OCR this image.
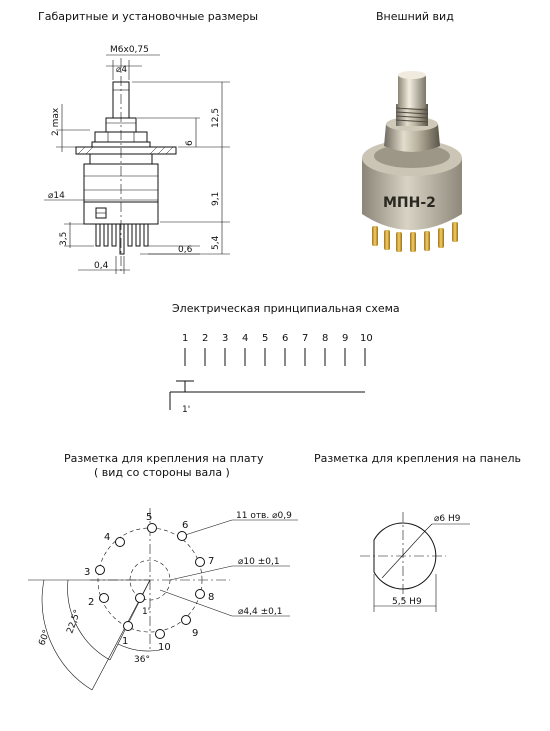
Габаритные и установочные размеры	Внешний вид
Электрическая принципиальная схема
Разметка для крепления на плату
( вид со стороны вала )
Разметка для крепления на панель
М6х0,75
⌀4
12,5
6
9,1
5,4
2 max
⌀14
3,5
0,6
0,4
МПН-2
1 2 3 4 5 6 7 8 9 10
1'
60°
22,5°
36°
11 отв. ⌀0,9
⌀10 ±0,1
⌀4,4 ±0,1
1
2
3
4
5
6
7
8
9
10
1'
⌀6 Н9
5,5 Н9
